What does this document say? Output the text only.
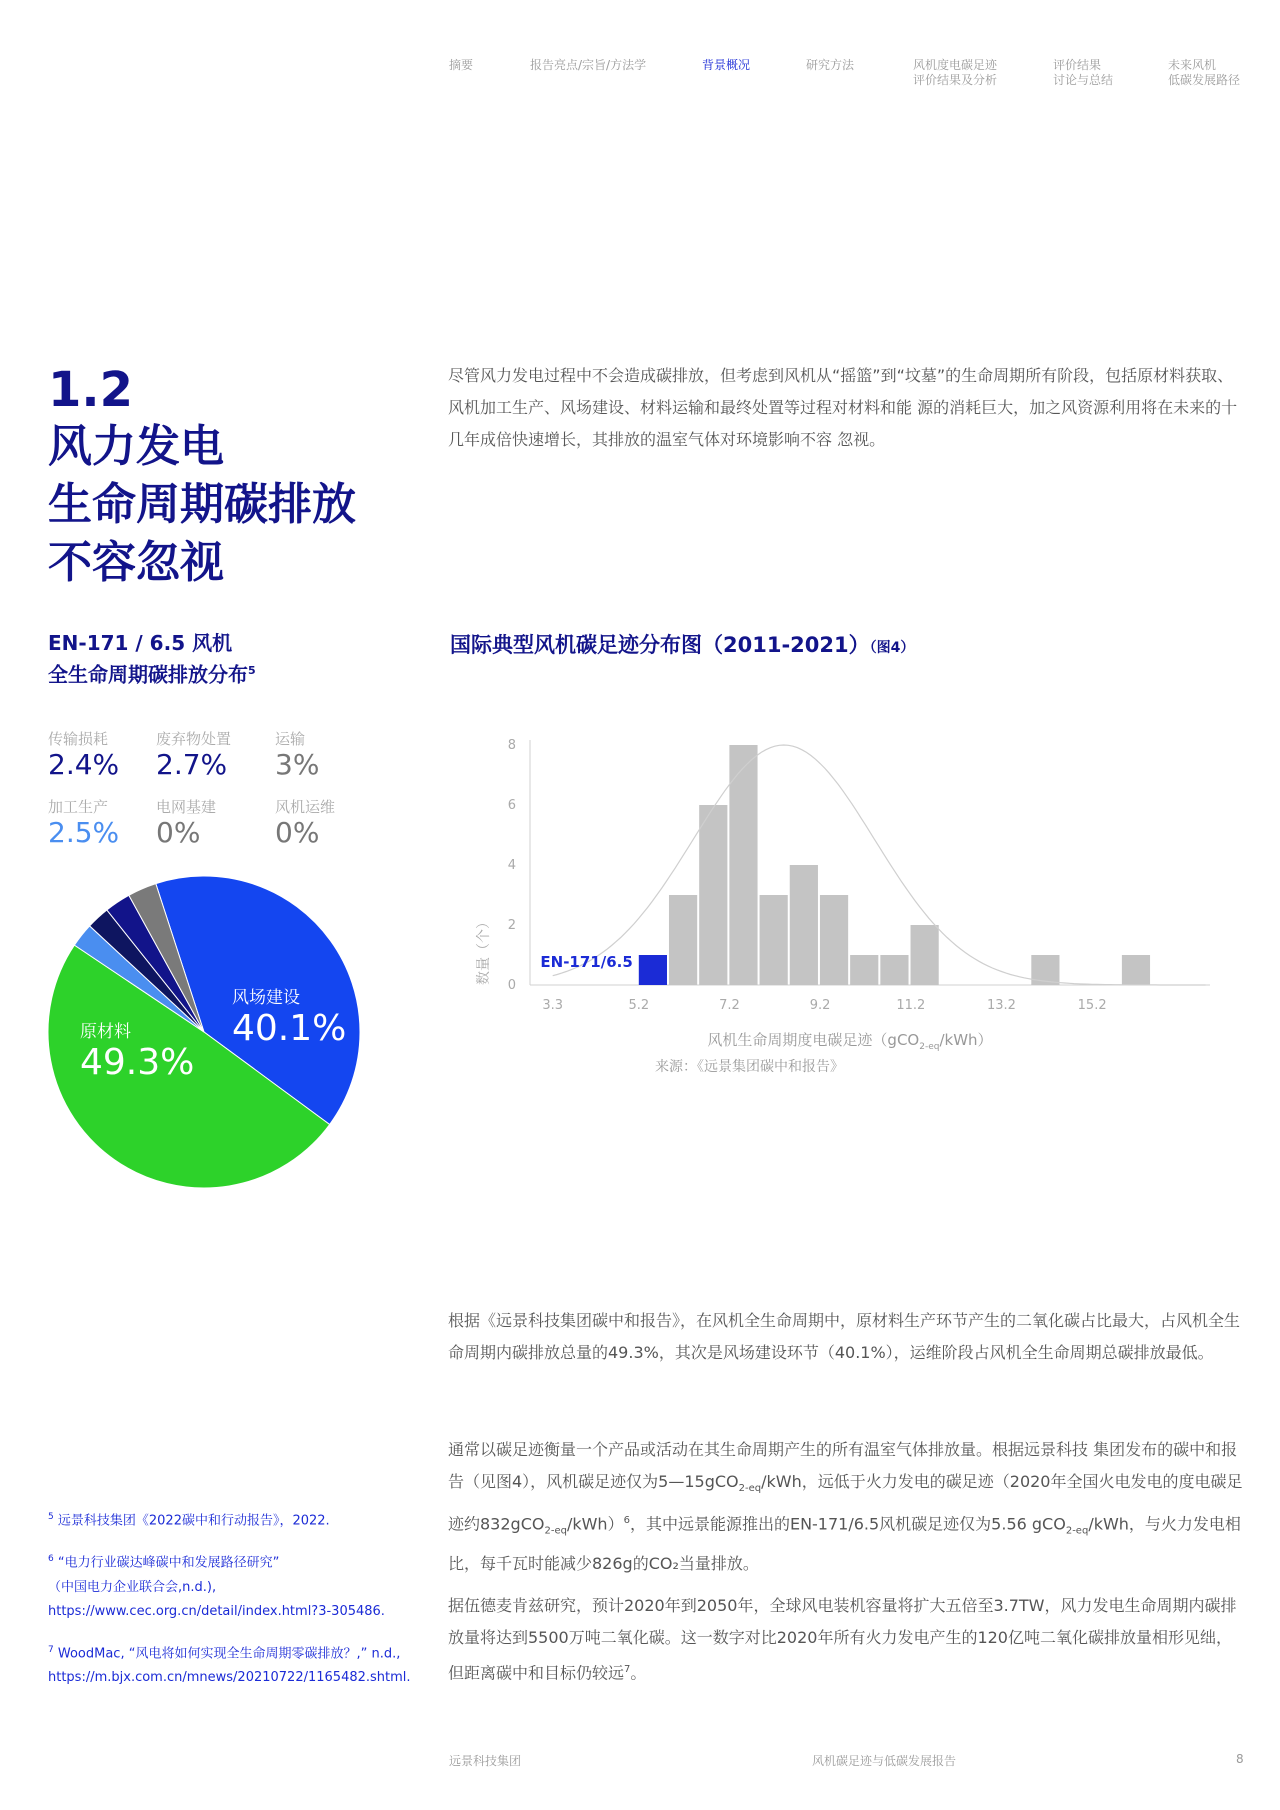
摘要	报告亮点/宗旨/方法学	背景概况	研究方法	风机度电碳足迹
评价结果及分析
评价结果
讨论与总结
未来风机
低碳发展路径
1.2
风力发电
生命周期碳排放
不容忽视

尽管风力发电过程中不会造成碳排放，但考虑到风机从“摇篮”到“坟墓”的生命周期所有阶段，包括原材料获取、风机加工生产、风场建设、材料运输和最终处置等过程对材料和能 源的消耗巨大，加之风资源利用将在未来的十几年成倍快速增长，其排放的温室气体对环境影响不容 忽视。

EN-171 / 6.5 风机
全生命周期碳排放分布$^5$
国际典型风机碳足迹分布图（2011-2021）（图4）
传输损耗
2.4%
废弃物处置
2.7%
运输
3%
加工生产
2.5%
电网基建
0%
风机运维
0%
风场建设
40.1%
原材料
49.3%
0
2
4
6
8
3.3	5.2	7.2	9.2	11.2	13.2	15.2
EN-171/6.5
数量（个）
风机生命周期度电碳足迹（gCO$_{2-eq}$/kWh）
来源：《远景集团碳中和报告》

根据《远景科技集团碳中和报告》，在风机全生命周期中，原材料生产环节产生的二氧化碳占比最大，占风机全生命周期内碳排放总量的49.3%，其次是风场建设环节（40.1%），运维阶段占风机全生命周期总碳排放最低。

通常以碳足迹衡量一个产品或活动在其生命周期产生的所有温室气体排放量。根据远景科技 集团发布的碳中和报告（见图4），风机碳足迹仅为5—15gCO$_{2-eq}$/kWh，远低于火力发电的碳足迹（2020年全国火电发电的度电碳足迹约832gCO$_{2-eq}$/kWh）$^6$，其中远景能源推出的EN-171/6.5风机碳足迹仅为5.56 gCO$_{2-eq}$/kWh，与火力发电相比，每千瓦时能减少826g的CO₂当量排放。

据伍德麦肯兹研究，预计2020年到2050年，全球风电装机容量将扩大五倍至3.7TW，风力发电生命周期内碳排放量将达到5500万吨二氧化碳。这一数字对比2020年所有火力发电产生的120亿吨二氧化碳排放量相形见绌，但距离碳中和目标仍较远$^7$。

$^5$ 远景科技集团《2022碳中和行动报告》，2022.
$^6$ “电力行业碳达峰碳中和发展路径研究”
（中国电力企业联合会,n.d.),
https://www.cec.org.cn/detail/index.html?3-305486.
$^7$ WoodMac, “风电将如何实现全生命周期零碳排放？,” n.d.,
https://m.bjx.com.cn/mnews/20210722/1165482.shtml.
远景科技集团	风机碳足迹与低碳发展报告	8
